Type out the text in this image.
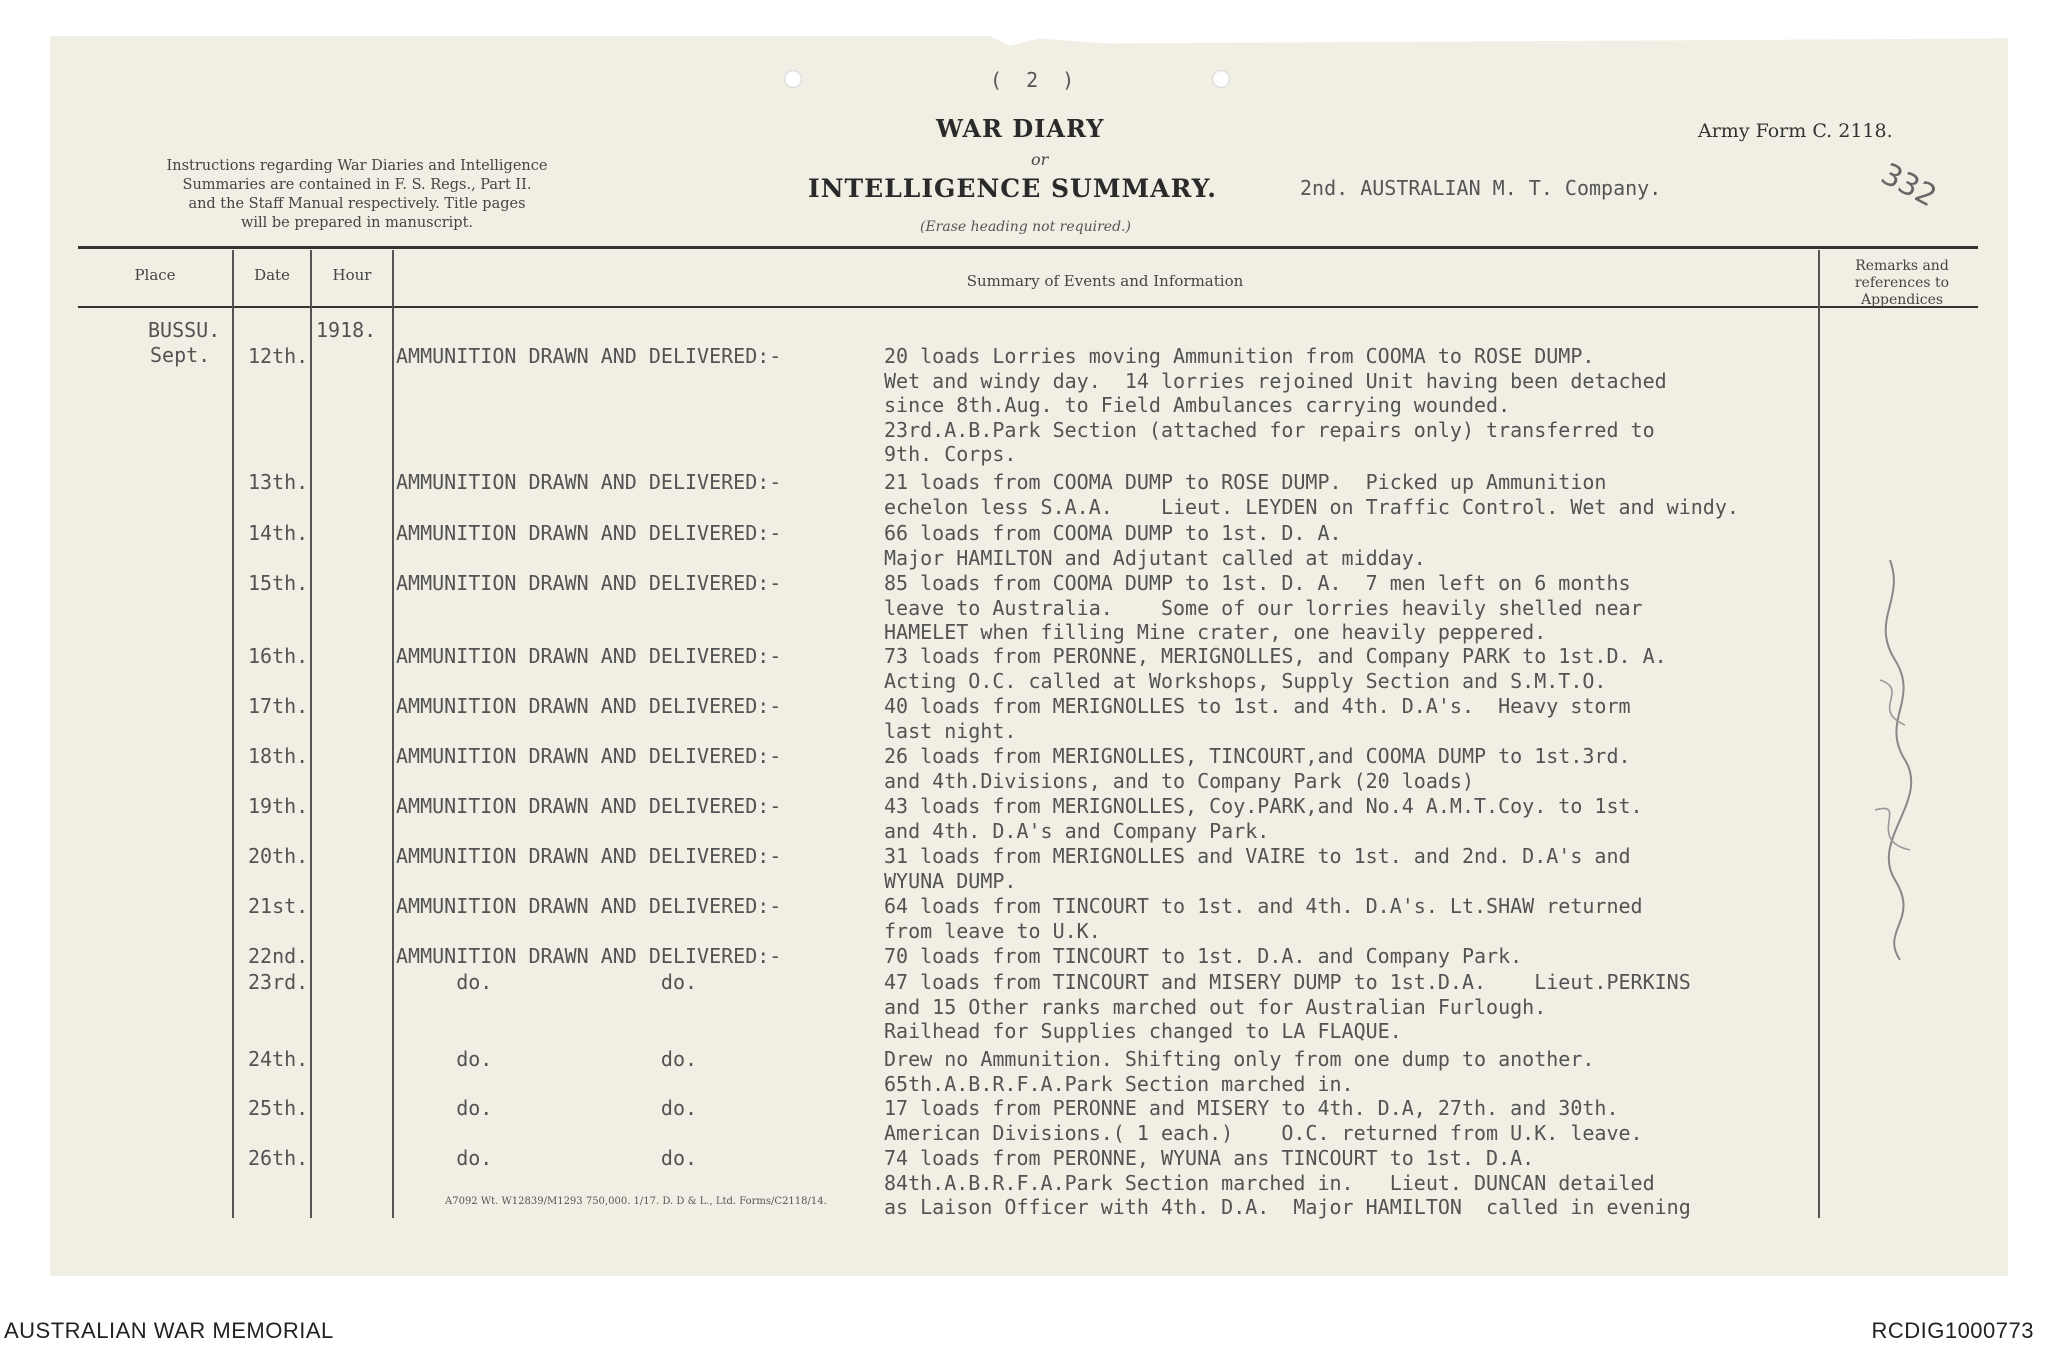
( 2 )
Instructions regarding War Diaries and Intelligence
Summaries are contained in F. S. Regs., Part II.
and the Staff Manual respectively. Title pages
will be prepared in manuscript.
WAR DIARY
or
INTELLIGENCE SUMMARY.
(Erase heading not required.)
2nd. AUSTRALIAN M. T. Company.
Army Form C. 2118.
332
Place	Date	Hour	Summary of Events and Information
Remarks and
references to
Appendices
BUSSU.	1918.
Sept. 12th.	AMMUNITION DRAWN AND DELIVERED:-	20 loads Lorries moving Ammunition from COOMA to ROSE DUMP.
Wet and windy day.  14 lorries rejoined Unit having been detached
since 8th.Aug. to Field Ambulances carrying wounded.
23rd.A.B.Park Section (attached for repairs only) transferred to
9th. Corps.
13th.	AMMUNITION DRAWN AND DELIVERED:-	21 loads from COOMA DUMP to ROSE DUMP.  Picked up Ammunition
echelon less S.A.A.    Lieut. LEYDEN on Traffic Control. Wet and windy.
14th.	AMMUNITION DRAWN AND DELIVERED:-	66 loads from COOMA DUMP to 1st. D. A.
Major HAMILTON and Adjutant called at midday.
15th.	AMMUNITION DRAWN AND DELIVERED:-	85 loads from COOMA DUMP to 1st. D. A.  7 men left on 6 months
leave to Australia.    Some of our lorries heavily shelled near
HAMELET when filling Mine crater, one heavily peppered.
16th.	AMMUNITION DRAWN AND DELIVERED:-	73 loads from PERONNE, MERIGNOLLES, and Company PARK to 1st.D. A.
Acting O.C. called at Workshops, Supply Section and S.M.T.O.
17th.	AMMUNITION DRAWN AND DELIVERED:-	40 loads from MERIGNOLLES to 1st. and 4th. D.A's.  Heavy storm
last night.
18th.	AMMUNITION DRAWN AND DELIVERED:-	26 loads from MERIGNOLLES, TINCOURT,and COOMA DUMP to 1st.3rd.
and 4th.Divisions, and to Company Park (20 loads)
19th.	AMMUNITION DRAWN AND DELIVERED:-	43 loads from MERIGNOLLES, Coy.PARK,and No.4 A.M.T.Coy. to 1st.
and 4th. D.A's and Company Park.
20th.	AMMUNITION DRAWN AND DELIVERED:-	31 loads from MERIGNOLLES and VAIRE to 1st. and 2nd. D.A's and
WYUNA DUMP.
21st.	AMMUNITION DRAWN AND DELIVERED:-	64 loads from TINCOURT to 1st. and 4th. D.A's. Lt.SHAW returned
from leave to U.K.
22nd.	AMMUNITION DRAWN AND DELIVERED:-	70 loads from TINCOURT to 1st. D.A. and Company Park.
23rd.	do.              do.	47 loads from TINCOURT and MISERY DUMP to 1st.D.A.    Lieut.PERKINS
and 15 Other ranks marched out for Australian Furlough.
Railhead for Supplies changed to LA FLAQUE.
24th.	do.              do.	Drew no Ammunition. Shifting only from one dump to another.
65th.A.B.R.F.A.Park Section marched in.
25th.	do.              do.	17 loads from PERONNE and MISERY to 4th. D.A, 27th. and 30th.
American Divisions.( 1 each.)    O.C. returned from U.K. leave.
26th.	do.              do.	74 loads from PERONNE, WYUNA ans TINCOURT to 1st. D.A.
84th.A.B.R.F.A.Park Section marched in.   Lieut. DUNCAN detailed
as Laison Officer with 4th. D.A.  Major HAMILTON  called in evening
A7092 Wt. W12839/M1293 750,000. 1/17. D. D & L., Ltd. Forms/C2118/14.
AUSTRALIAN WAR MEMORIAL	RCDIG1000773
